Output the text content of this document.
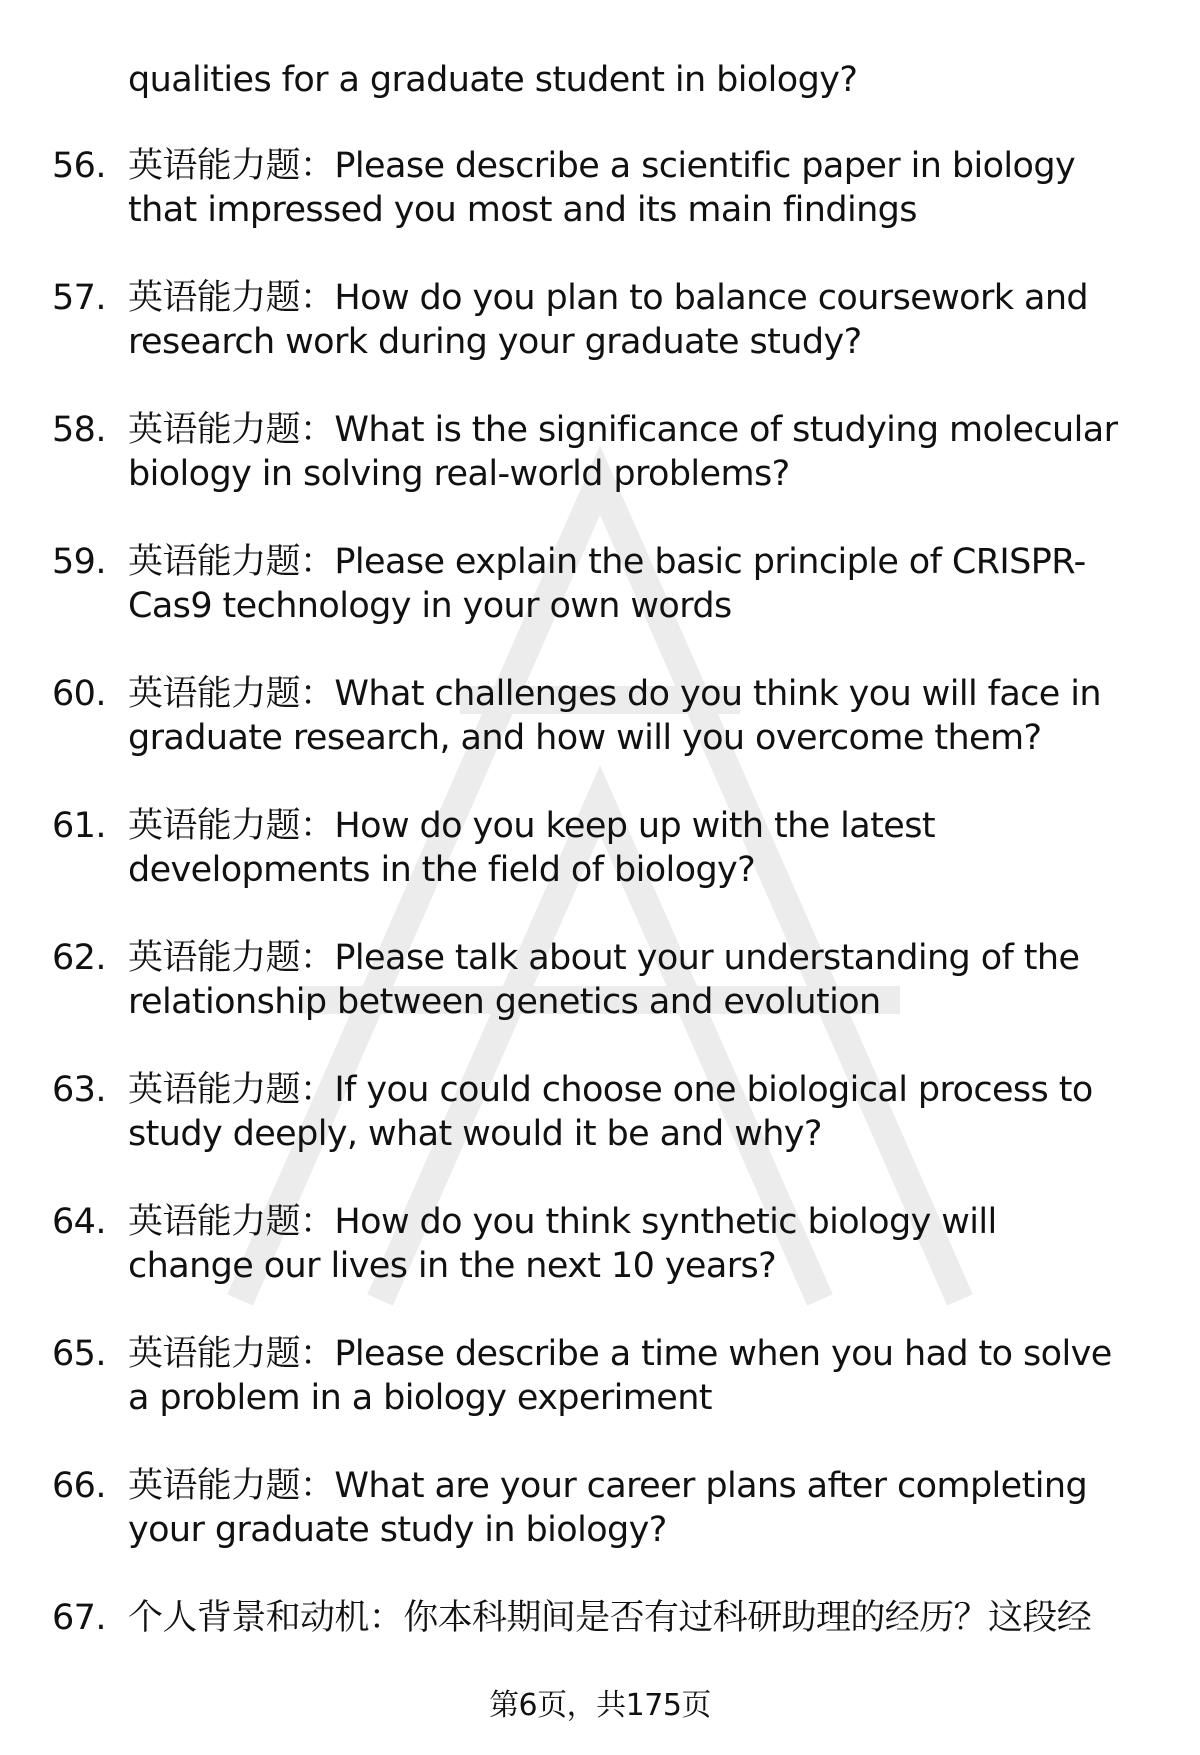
qualities for a graduate student in biology?
56. 英语能力题：Please describe a scientific paper in biology
that impressed you most and its main findings
57. 英语能力题：How do you plan to balance coursework and
research work during your graduate study?
58. 英语能力题：What is the significance of studying molecular
biology in solving real-world problems?
59. 英语能力题：Please explain the basic principle of CRISPR-
Cas9 technology in your own words
60. 英语能力题：What challenges do you think you will face in
graduate research, and how will you overcome them?
61. 英语能力题：How do you keep up with the latest
developments in the field of biology?
62. 英语能力题：Please talk about your understanding of the
relationship between genetics and evolution
63. 英语能力题：If you could choose one biological process to
study deeply, what would it be and why?
64. 英语能力题：How do you think synthetic biology will
change our lives in the next 10 years?
65. 英语能力题：Please describe a time when you had to solve
a problem in a biology experiment
66. 英语能力题：What are your career plans after completing
your graduate study in biology?
67. 个人背景和动机：你本科期间是否有过科研助理的经历？这段经
第6页，共175页
